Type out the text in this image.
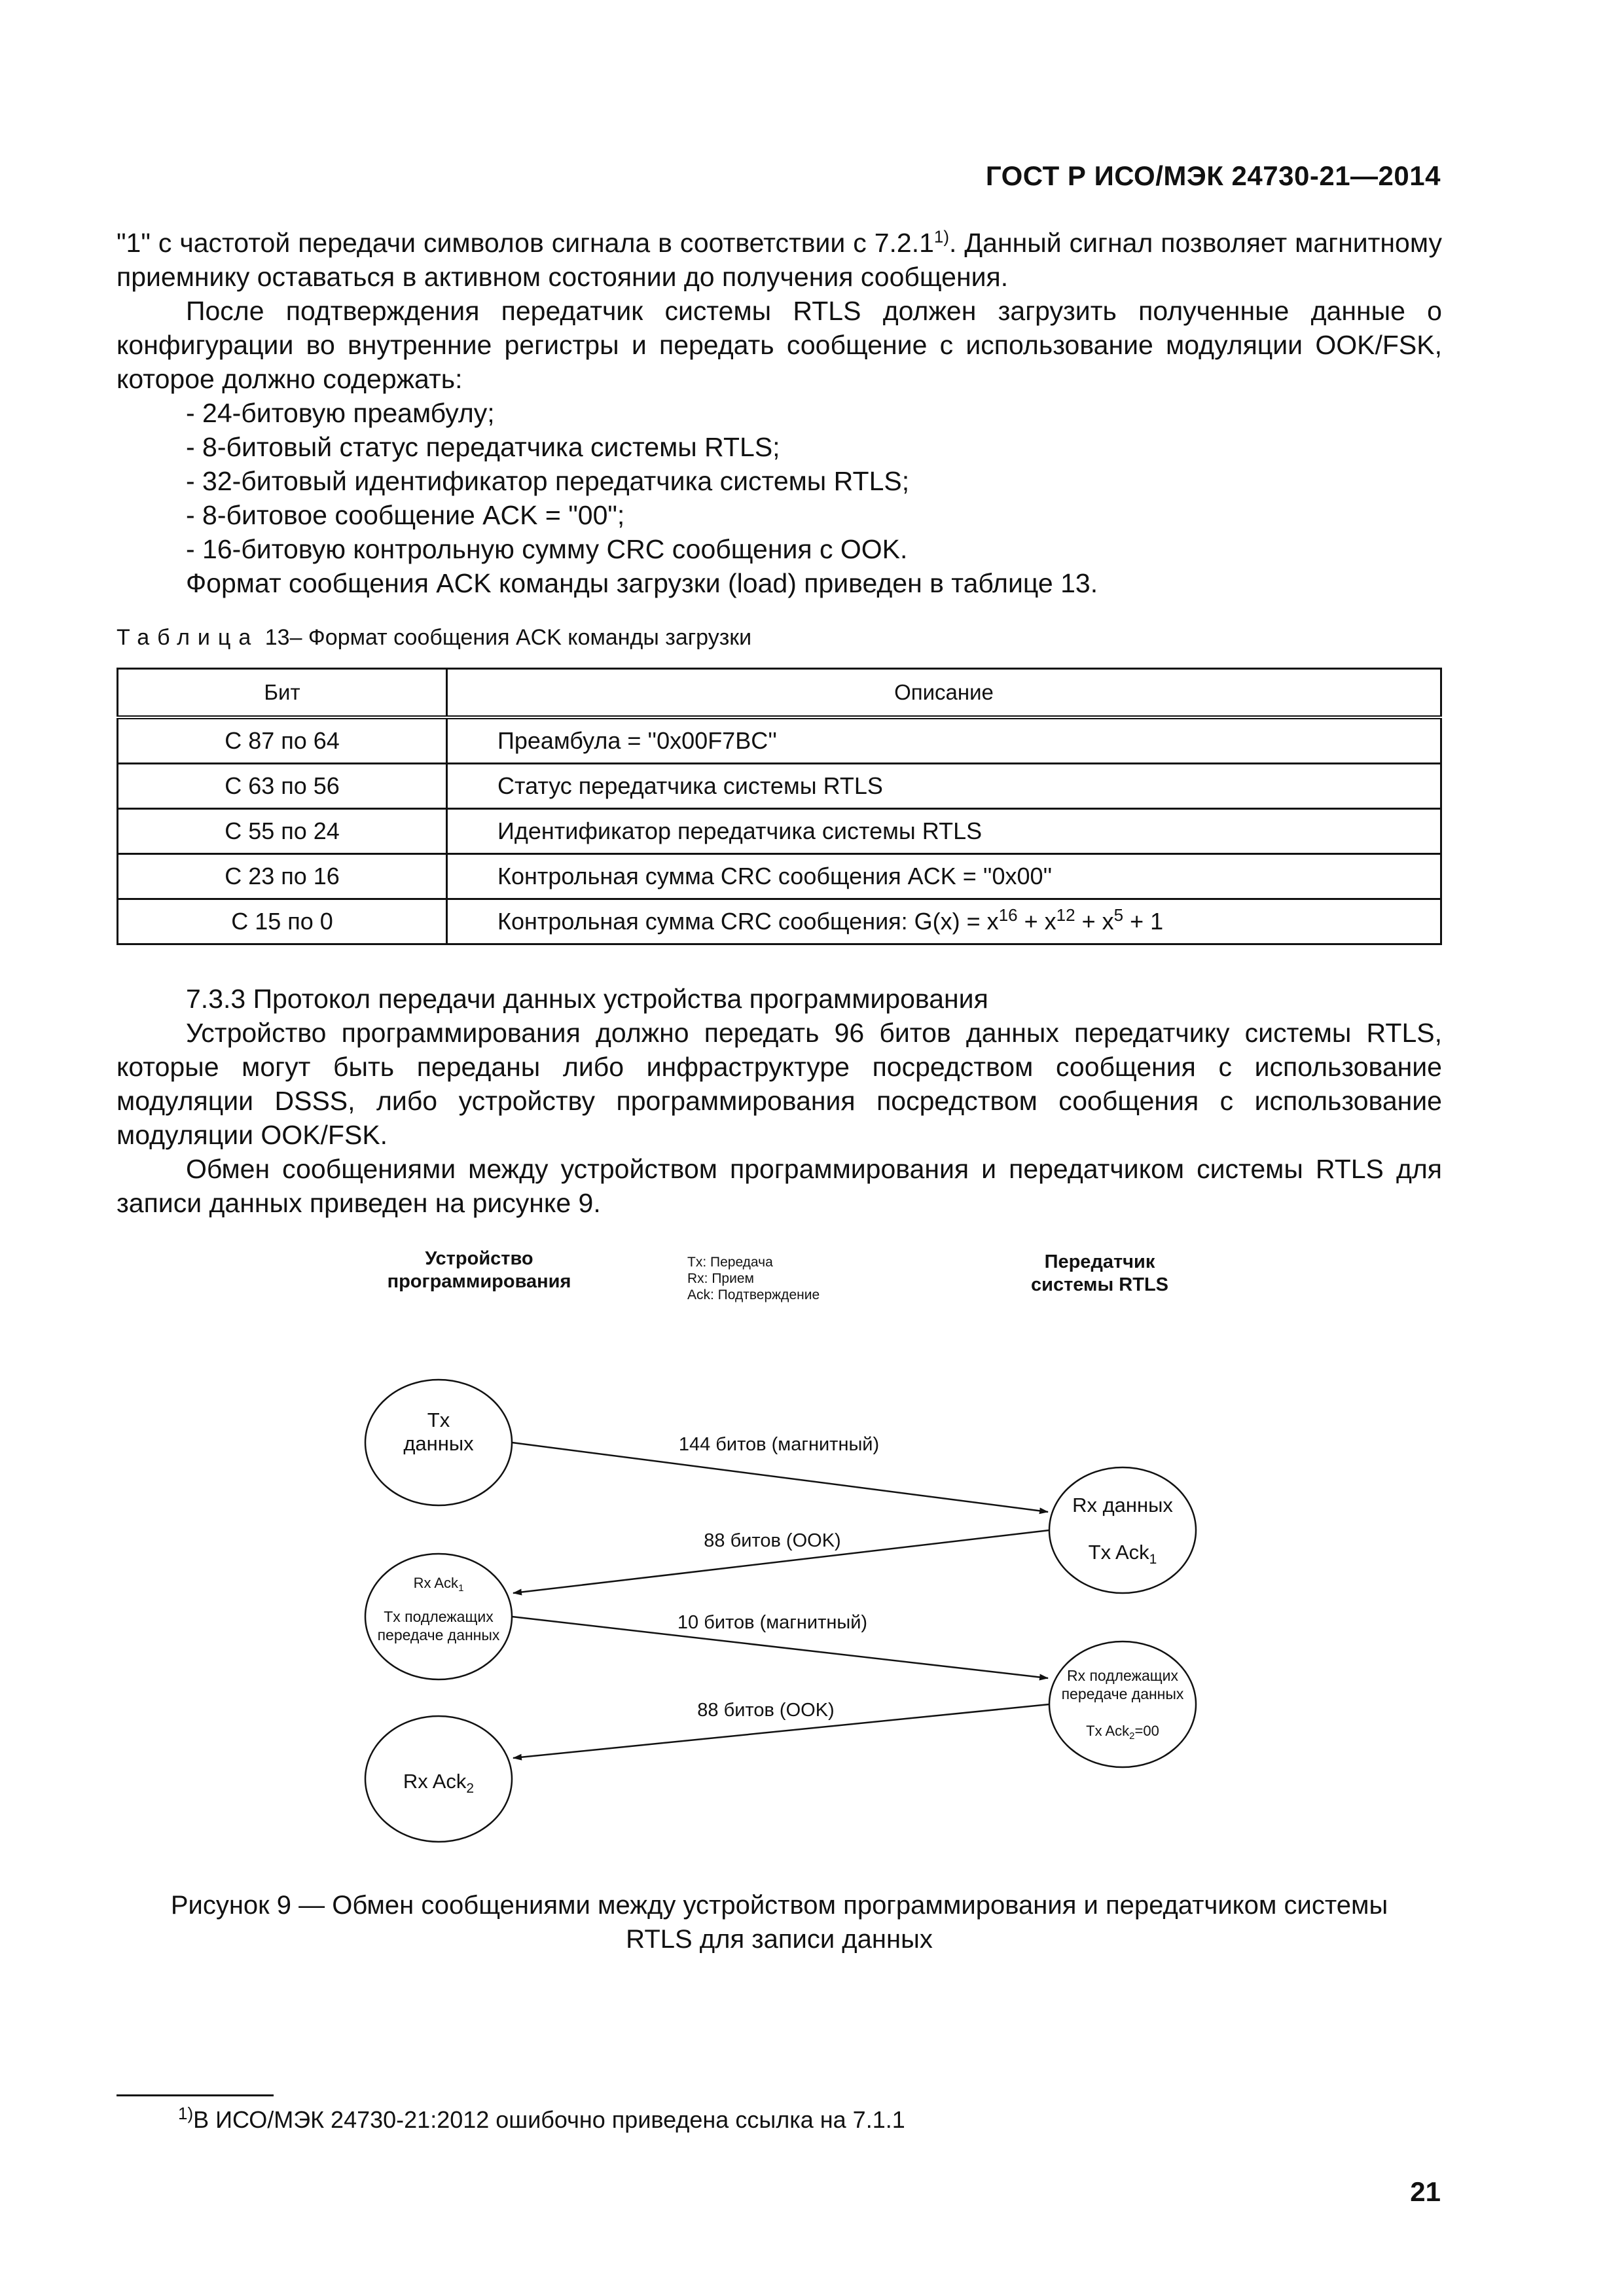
ГОСТ Р ИСО/МЭК 24730-21—2014

"1" с частотой передачи символов сигнала в соответствии с 7.2.1$^{1)}$. Данный сигнал позволяет магнитному приемнику оставаться в активном состоянии до получения сообщения.

После подтверждения передатчик системы RTLS должен загрузить полученные данные о конфигурации во внутренние регистры и передать сообщение с использование модуляции OOK/FSK, которое должно содержать:

- 24-битовую преамбулу;

- 8-битовый статус передатчика системы RTLS;

- 32-битовый идентификатор передатчика системы RTLS;

- 8-битовое сообщение ACK = "00";

- 16-битовую контрольную сумму CRC сообщения с OOK.

Формат сообщения ACK команды загрузки (load) приведен в таблице 13.

Таблица 13– Формат сообщения ACK команды загрузки
Бит	Описание
С 87 по 64	Преамбула = ''0x00F7BC''
С 63 по 56	Статус передатчика системы RTLS
С 55 по 24	Идентификатор передатчика системы RTLS
С 23 по 16	Контрольная сумма CRC сообщения ACK = ''0x00''
С 15 по 0	Контрольная сумма CRC сообщения: $G(x) = x^{16} + x^{12} + x^5 + 1$

7.3.3 Протокол передачи данных устройства программирования

Устройство программирования должно передать 96 битов данных передатчику системы RTLS, которые могут быть переданы либо инфраструктуре посредством сообщения с использование модуляции DSSS, либо устройству программирования посредством сообщения с использование модуляции OOK/FSK.

Обмен сообщениями между устройством программирования и передатчиком системы RTLS для записи данных приведен на рисунке 9.

Устройство
программирования
Передатчик
системы RTLS
Tx: Передача
Rx: Прием
Ack: Подтверждение
Tx
данных
Rx данных
Tx Ack$_1$
Rx Ack$_1$
Tx подлежащих
передаче данных
Rx подлежащих
передаче данных
Tx Ack$_2$=00
Rx Ack$_2$
144 битов (магнитный)
88 битов (OOK)
10 битов (магнитный)
88 битов (OOK)
Рисунок 9 — Обмен сообщениями между устройством программирования и передатчиком системы
RTLS для записи данных
$^{1)}$В ИСО/МЭК 24730-21:2012 ошибочно приведена ссылка на 7.1.1
21
